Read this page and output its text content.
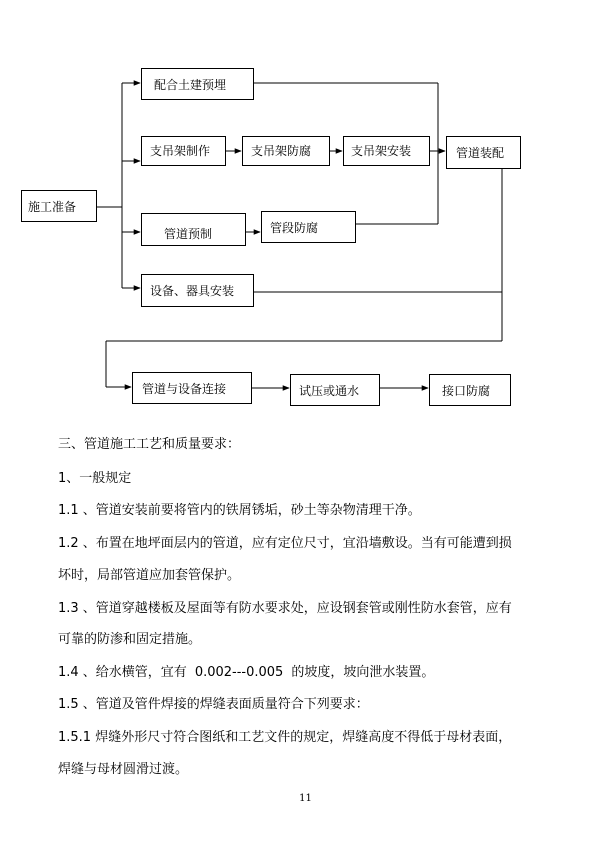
施工准备
配合土建预埋
支吊架制作	支吊架防腐	支吊架安装	管道装配
管道预制	管段防腐
设备、器具安装
管道与设备连接	试压或通水	接口防腐
三、管道施工工艺和质量要求：
1、一般规定
1.1 、管道安装前要将管内的铁屑锈垢，砂土等杂物清理干净。
1.2 、布置在地坪面层内的管道，应有定位尺寸，宜沿墙敷设。当有可能遭到损
坏时，局部管道应加套管保护。
1.3 、管道穿越楼板及屋面等有防水要求处，应设钢套管或刚性防水套管，应有
可靠的防渗和固定措施。
1.4 、给水横管，宜有 0.002---0.005 的坡度，坡向泄水装置。
1.5 、管道及管件焊接的焊缝表面质量符合下列要求：
1.5.1 焊缝外形尺寸符合图纸和工艺文件的规定，焊缝高度不得低于母材表面，
焊缝与母材圆滑过渡。
11
